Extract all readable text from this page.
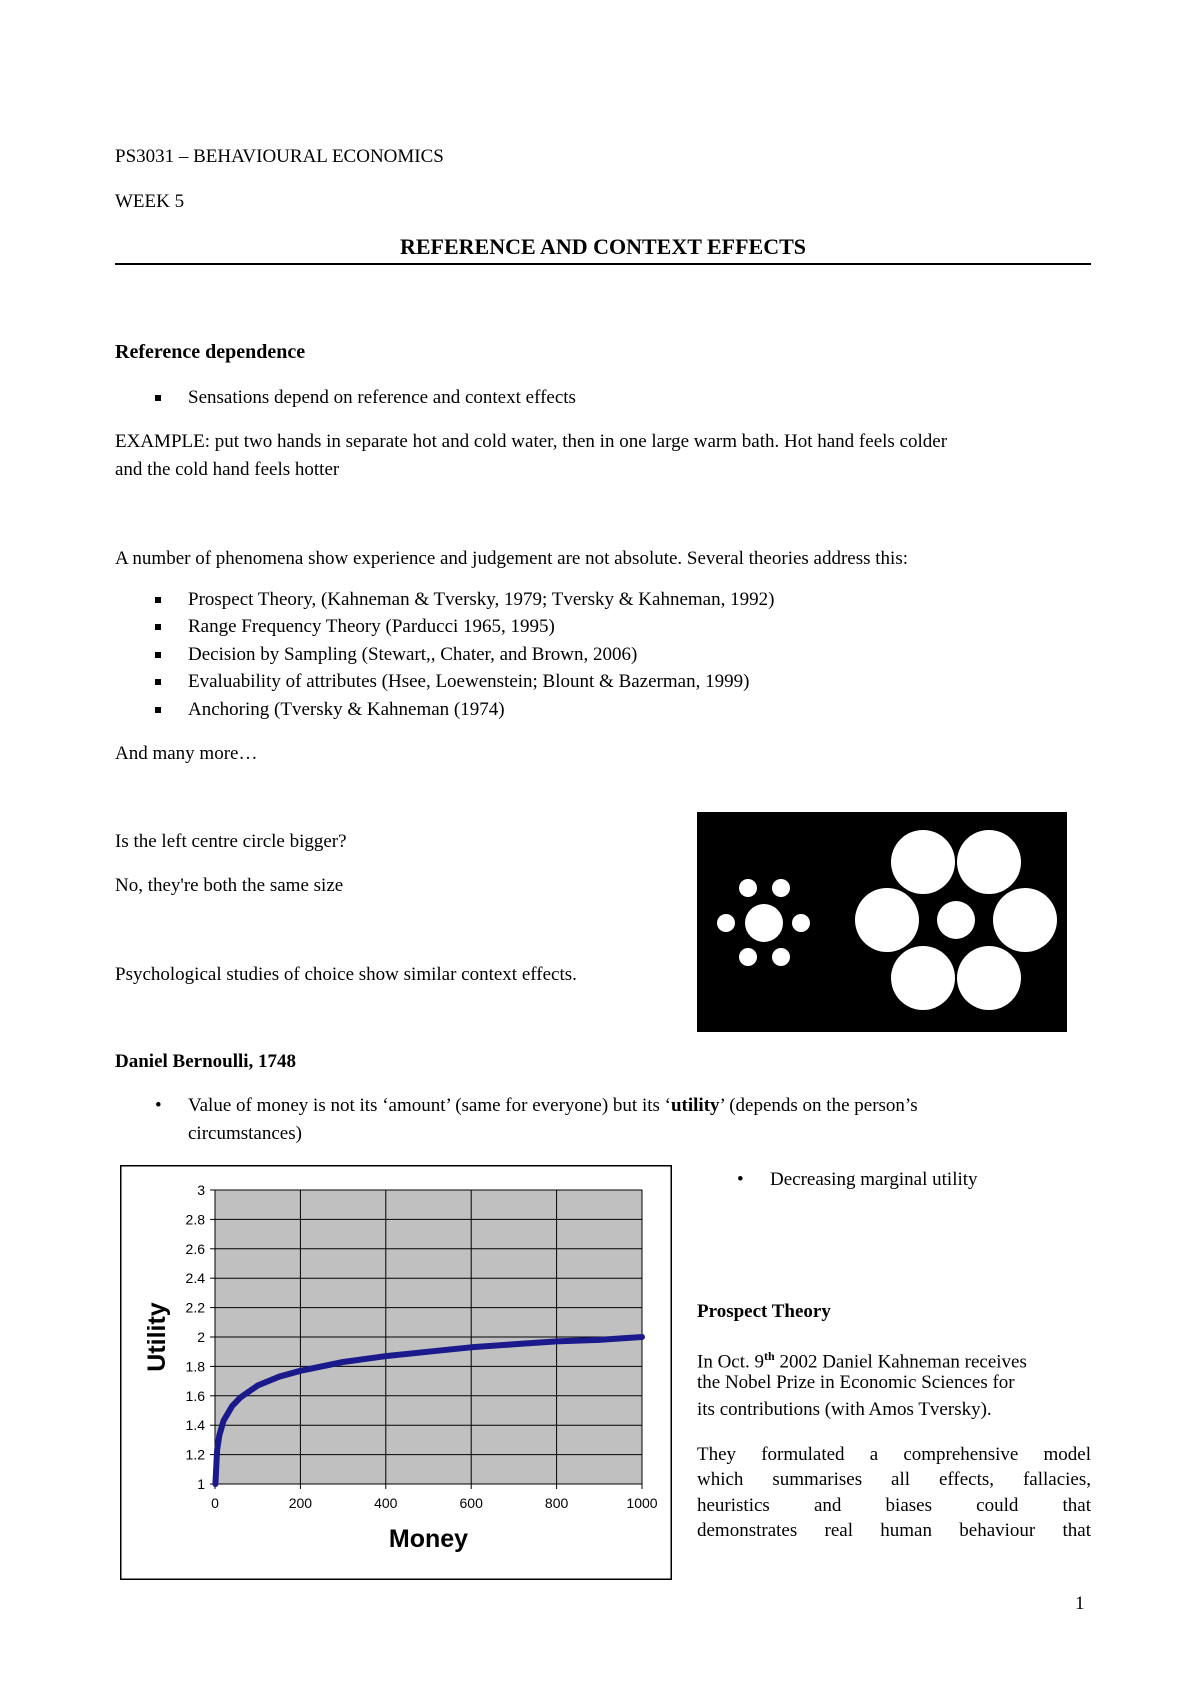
PS3031 – BEHAVIOURAL ECONOMICS
WEEK 5
REFERENCE AND CONTEXT EFFECTS
Reference dependence
Sensations depend on reference and context effects
EXAMPLE: put two hands in separate hot and cold water, then in one large warm bath. Hot hand feels colder
and the cold hand feels hotter
A number of phenomena show experience and judgement are not absolute. Several theories address this:
Prospect Theory, (Kahneman & Tversky, 1979; Tversky & Kahneman, 1992)
Range Frequency Theory (Parducci 1965, 1995)
Decision by Sampling (Stewart,, Chater, and Brown, 2006)
Evaluability of attributes (Hsee, Loewenstein; Blount & Bazerman, 1999)
Anchoring (Tversky & Kahneman (1974)
And many more…
Is the left centre circle bigger?
No, they're both the same size
Psychological studies of choice show similar context effects.
Daniel Bernoulli, 1748
• Value of money is not its ‘amount’ (same for everyone) but its ‘utility’ (depends on the person’s
circumstances)
1
1.2
1.4
1.6
1.8
2
2.2
2.4
2.6
2.8
3
0	200	400	600	800	1000
Money
Utility
• Decreasing marginal utility
Prospect Theory
In Oct. 9th 2002 Daniel Kahneman receives
the Nobel Prize in Economic Sciences for
its contributions (with Amos Tversky).
They formulated a comprehensive model
which summarises all effects, fallacies,
heuristics and biases could that
demonstrates real human behaviour that
1
